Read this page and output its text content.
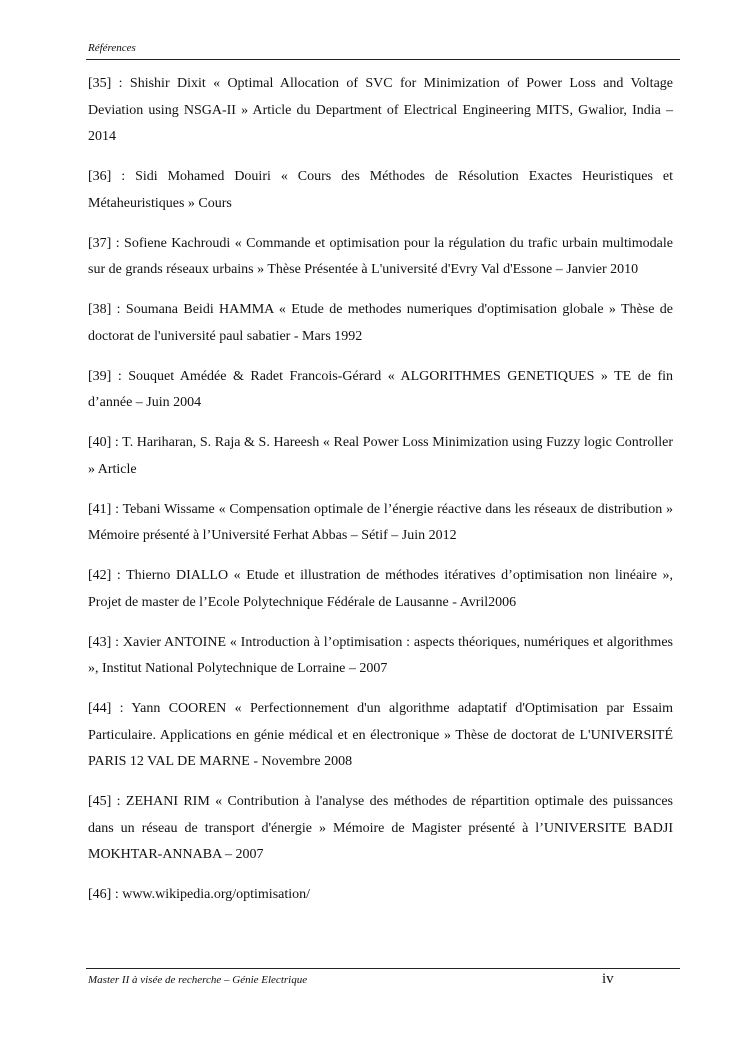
Références

[35] : Shishir Dixit « Optimal Allocation of SVC for Minimization of Power Loss and Voltage Deviation using NSGA-II » Article du Department of Electrical Engineering MITS, Gwalior, India – 2014

[36] : Sidi Mohamed Douiri « Cours des Méthodes de Résolution Exactes Heuristiques et Métaheuristiques » Cours

[37] : Sofiene Kachroudi « Commande et optimisation pour la régulation du trafic urbain multimodale sur de grands réseaux urbains » Thèse Présentée à L'université d'Evry Val d'Essone – Janvier 2010

[38] : Soumana Beidi HAMMA « Etude de methodes numeriques d'optimisation globale » Thèse de doctorat de l'université paul sabatier - Mars 1992

[39] : Souquet Amédée & Radet Francois-Gérard « ALGORITHMES GENETIQUES » TE de fin d’année – Juin 2004

[40] : T. Hariharan, S. Raja & S. Hareesh « Real Power Loss Minimization using Fuzzy logic Controller » Article

[41] : Tebani Wissame « Compensation optimale de l’énergie réactive dans les réseaux de distribution » Mémoire présenté à l’Université Ferhat Abbas – Sétif – Juin 2012

[42] : Thierno DIALLO « Etude et illustration de méthodes itératives d’optimisation non linéaire », Projet de master de l’Ecole Polytechnique Fédérale de Lausanne - Avril2006

[43] : Xavier ANTOINE « Introduction à l’optimisation : aspects théoriques, numériques et algorithmes », Institut National Polytechnique de Lorraine – 2007

[44] : Yann COOREN « Perfectionnement d'un algorithme adaptatif d'Optimisation par Essaim Particulaire. Applications en génie médical et en électronique » Thèse de doctorat de L'UNIVERSITÉ PARIS 12 VAL DE MARNE - Novembre 2008

[45] : ZEHANI RIM « Contribution à l'analyse des méthodes de répartition optimale des puissances dans un réseau de transport d'énergie » Mémoire de Magister présenté à l’UNIVERSITE BADJI MOKHTAR-ANNABA – 2007

[46] : www.wikipedia.org/optimisation/

Master II à visée de recherche – Génie Electrique	iv
